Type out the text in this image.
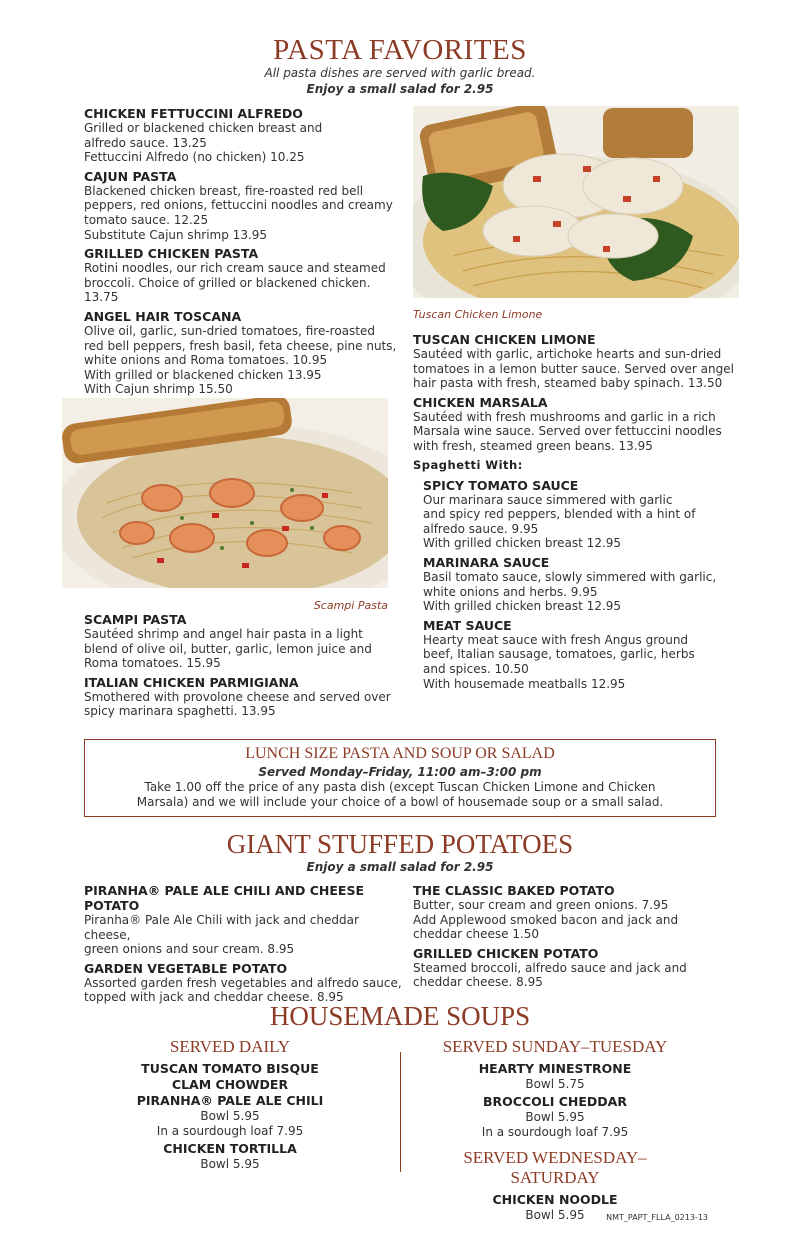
PASTA FAVORITES
All pasta dishes are served with garlic bread.
Enjoy a small salad for 2.95
CHICKEN FETTUCCINI ALFREDO
Grilled or blackened chicken breast and
alfredo sauce. 13.25
Fettuccini Alfredo (no chicken) 10.25
CAJUN PASTA
Blackened chicken breast, fire-roasted red bell
peppers, red onions, fettuccini noodles and creamy
tomato sauce. 12.25
Substitute Cajun shrimp 13.95
GRILLED CHICKEN PASTA
Rotini noodles, our rich cream sauce and steamed
broccoli. Choice of grilled or blackened chicken. 13.75
ANGEL HAIR TOSCANA
Olive oil, garlic, sun-dried tomatoes, fire-roasted
red bell peppers, fresh basil, feta cheese, pine nuts,
white onions and Roma tomatoes. 10.95
With grilled or blackened chicken 13.95
With Cajun shrimp 15.50
Scampi Pasta
SCAMPI PASTA
Sautéed shrimp and angel hair pasta in a light
blend of olive oil, butter, garlic, lemon juice and
Roma tomatoes. 15.95
ITALIAN CHICKEN PARMIGIANA
Smothered with provolone cheese and served over
spicy marinara spaghetti. 13.95
Tuscan Chicken Limone
TUSCAN CHICKEN LIMONE
Sautéed with garlic, artichoke hearts and sun-dried
tomatoes in a lemon butter sauce. Served over angel
hair pasta with fresh, steamed baby spinach. 13.50
CHICKEN MARSALA
Sautéed with fresh mushrooms and garlic in a rich
Marsala wine sauce. Served over fettuccini noodles
with fresh, steamed green beans. 13.95
Spaghetti With:
SPICY TOMATO SAUCE
Our marinara sauce simmered with garlic
and spicy red peppers, blended with a hint of
alfredo sauce. 9.95
With grilled chicken breast 12.95
MARINARA SAUCE
Basil tomato sauce, slowly simmered with garlic,
white onions and herbs. 9.95
With grilled chicken breast 12.95
MEAT SAUCE
Hearty meat sauce with fresh Angus ground
beef, Italian sausage, tomatoes, garlic, herbs
and spices. 10.50
With housemade meatballs 12.95
LUNCH SIZE PASTA AND SOUP OR SALAD
Served Monday–Friday, 11:00 am–3:00 pm
Take 1.00 off the price of any pasta dish (except Tuscan Chicken Limone and Chicken
Marsala) and we will include your choice of a bowl of housemade soup or a small salad.
GIANT STUFFED POTATOES
Enjoy a small salad for 2.95
PIRANHA® PALE ALE CHILI AND CHEESE POTATO
Piranha® Pale Ale Chili with jack and cheddar cheese,
green onions and sour cream. 8.95
GARDEN VEGETABLE POTATO
Assorted garden fresh vegetables and alfredo sauce,
topped with jack and cheddar cheese. 8.95
THE CLASSIC BAKED POTATO
Butter, sour cream and green onions. 7.95
Add Applewood smoked bacon and jack and
cheddar cheese 1.50
GRILLED CHICKEN POTATO
Steamed broccoli, alfredo sauce and jack and
cheddar cheese. 8.95
HOUSEMADE SOUPS
SERVED DAILY
TUSCAN TOMATO BISQUE
CLAM CHOWDER
PIRANHA® PALE ALE CHILI
Bowl 5.95
In a sourdough loaf 7.95
CHICKEN TORTILLA
Bowl 5.95
SERVED SUNDAY–TUESDAY
HEARTY MINESTRONE
Bowl 5.75
BROCCOLI CHEDDAR
Bowl 5.95
In a sourdough loaf 7.95
SERVED WEDNESDAY–SATURDAY
CHICKEN NOODLE
Bowl 5.95	NMT_PAPT_FLLA_0213-13
